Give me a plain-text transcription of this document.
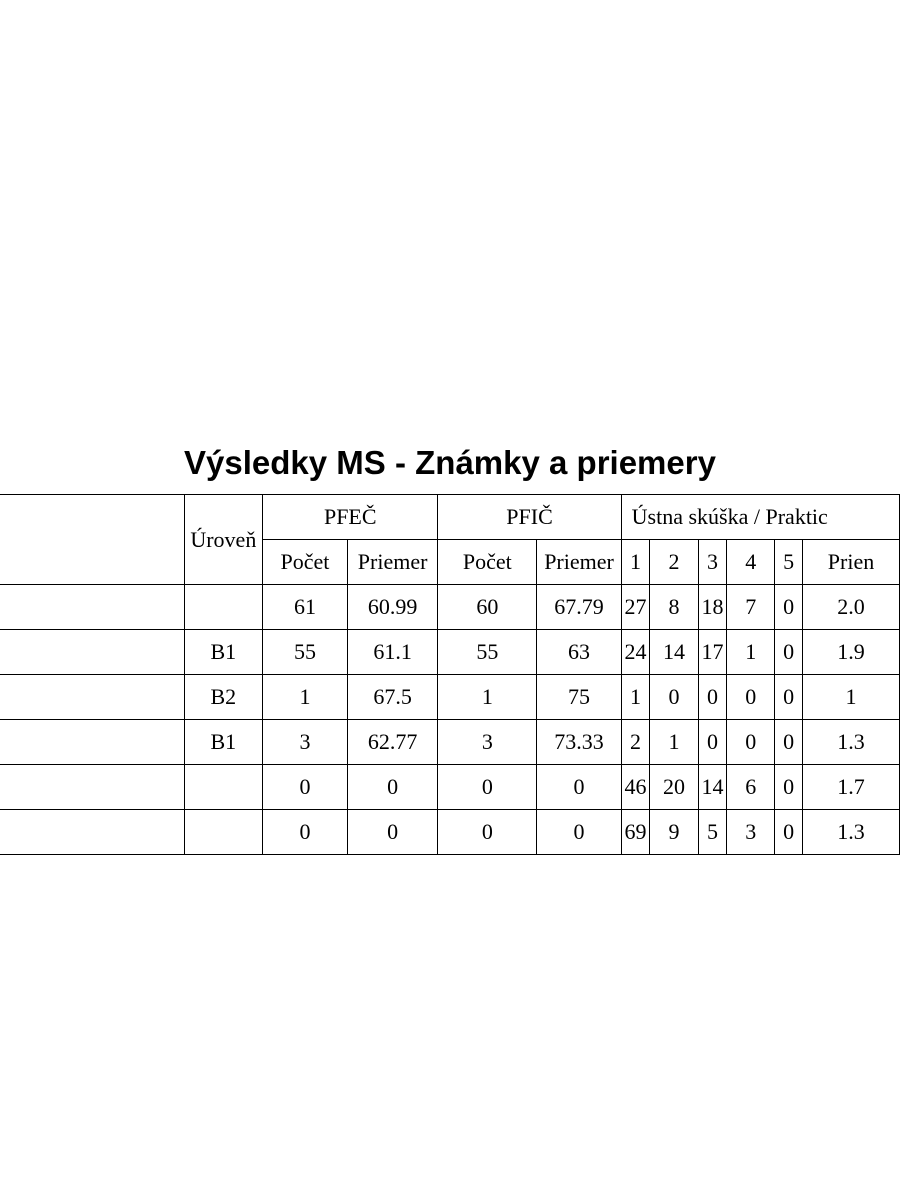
Výsledky MS - Známky a priemery
	Úroveň	PFEČ		PFIČ		Ústna skúška / Praktic					
		Počet	Priemer	Počet	Priemer	1	2	3	4	5	Prien
		61	60.99	60	67.79	27	8	18	7	0	2.0
	B1	55	61.1	55	63	24	14	17	1	0	1.9
	B2	1	67.5	1	75	1	0	0	0	0	1
	B1	3	62.77	3	73.33	2	1	0	0	0	1.3
		0	0	0	0	46	20	14	6	0	1.7
		0	0	0	0	69	9	5	3	0	1.3
